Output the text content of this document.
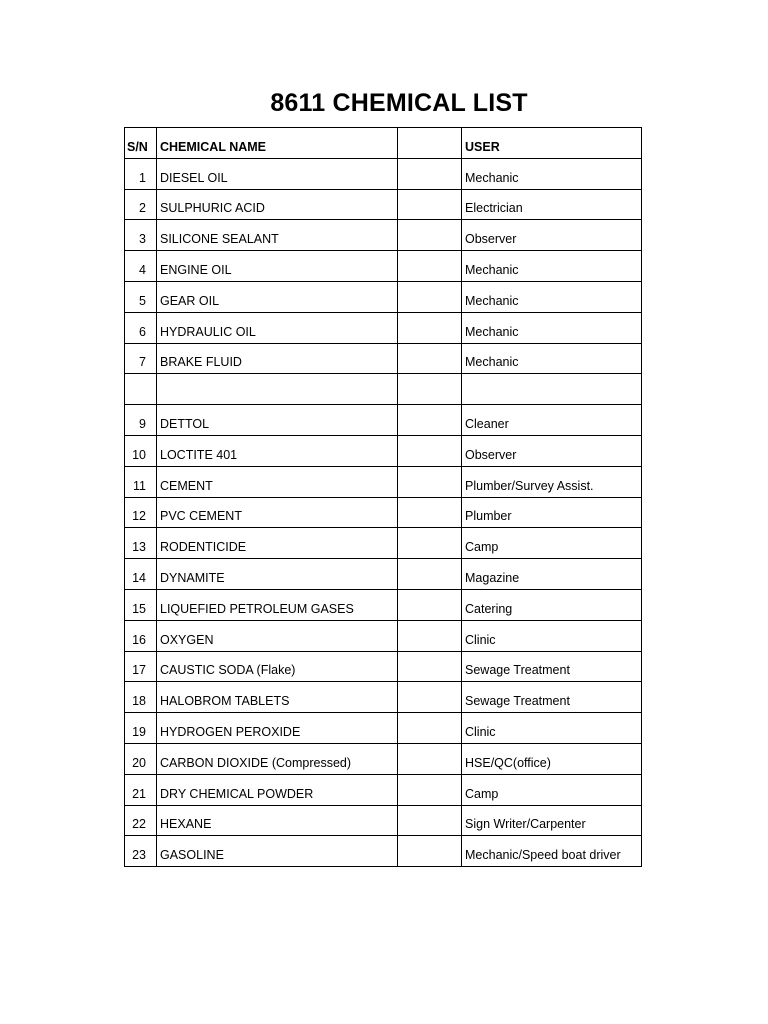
8611 CHEMICAL LIST
S/N	CHEMICAL NAME		USER
1	DIESEL OIL		Mechanic
2	SULPHURIC ACID		Electrician
3	SILICONE SEALANT		Observer
4	ENGINE OIL		Mechanic
5	GEAR OIL		Mechanic
6	HYDRAULIC OIL		Mechanic
7	BRAKE FLUID		Mechanic

9	DETTOL		Cleaner
10	LOCTITE 401		Observer
11	CEMENT		Plumber/Survey Assist.
12	PVC CEMENT		Plumber
13	RODENTICIDE		Camp
14	DYNAMITE		Magazine
15	LIQUEFIED PETROLEUM GASES		Catering
16	OXYGEN		Clinic
17	CAUSTIC SODA (Flake)		Sewage Treatment
18	HALOBROM TABLETS		Sewage Treatment
19	HYDROGEN PEROXIDE		Clinic
20	CARBON DIOXIDE (Compressed)		HSE/QC(office)
21	DRY CHEMICAL POWDER		Camp
22	HEXANE		Sign Writer/Carpenter
23	GASOLINE		Mechanic/Speed boat driver
